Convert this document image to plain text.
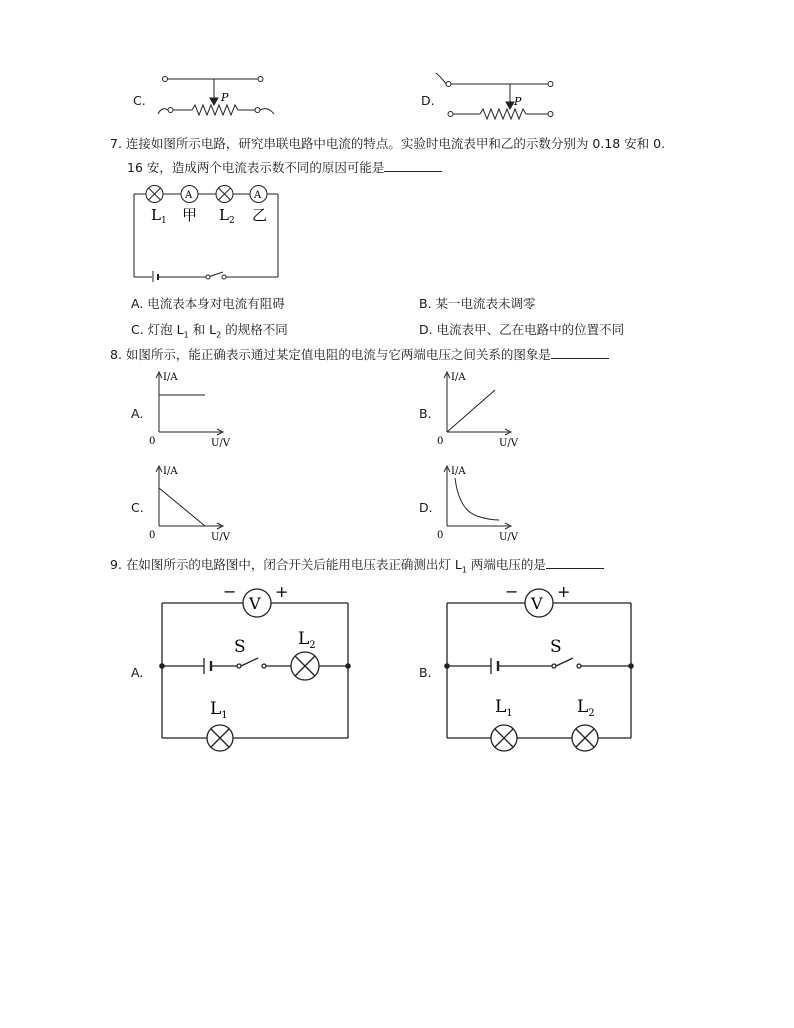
C.	P	D.	P
7. 连接如图所示电路，研究串联电路中电流的特点。实验时电流表甲和乙的示数分别为 0.18 安和 0.
16 安，造成两个电流表示数不同的原因可能是
A	A
$L_1$ 甲 $L_2$ 乙
A. 电流表本身对电流有阻碍	B. 某一电流表未调零
C. 灯泡 $L_1$ 和 $L_2$ 的规格不同	D. 电流表甲、乙在电路中的位置不同
8. 如图所示，能正确表示通过某定值电阻的电流与它两端电压之间关系的图象是
A.
I/A
U/V
0
B.
I/A
U/V
0
C.
I/A
U/V
0
D.
I/A
U/V
0
9. 在如图所示的电路图中，闭合开关后能用电压表正确测出灯 $L_1$ 两端电压的是
A.
V
− +
S	$L_2$
$L_1$
B.
V
− +
S
$L_1$	$L_2$
